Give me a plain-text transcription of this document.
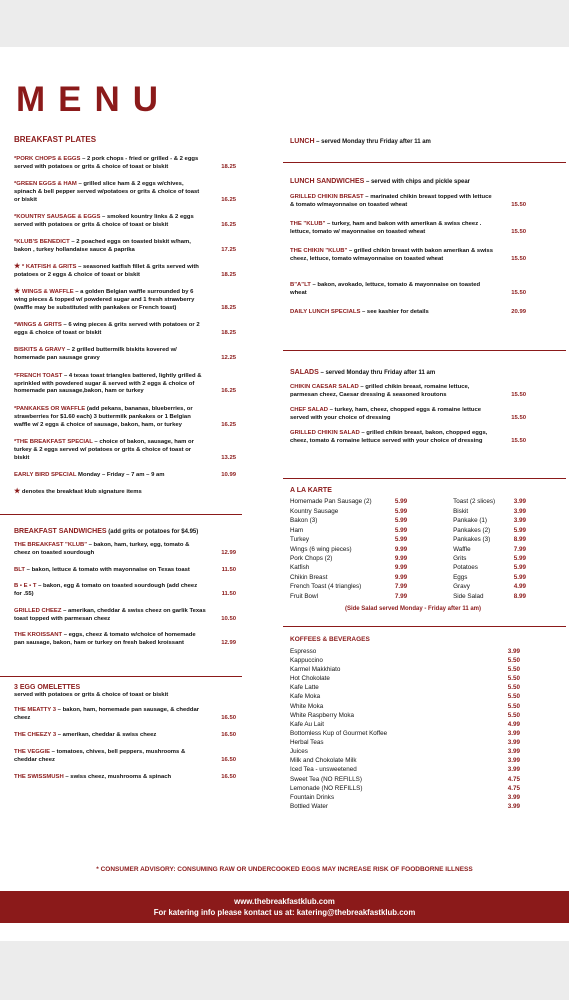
MENU
BREAKFAST PLATES
*PORK CHOPS & EGGS – 2 pork chops - fried or grilled - & 2 eggs served with potatoes or grits & choice of toast or biskit	18.25
*GREEN EGGS & HAM – grilled slice ham & 2 eggs w/chives, spinach & bell pepper served w/potatoes or grits & choice of toast or biskit	16.25
*KOUNTRY SAUSAGE & EGGS – smoked kountry links & 2 eggs served with potatoes or grits & choice of toast or biskit	16.25
*KLUB'S BENEDICT – 2 poached eggs on toasted biskit w/ham, bakon , turkey hollandaise sauce & paprika	17.25
★ * KATFISH & GRITS – seasoned katfish fillet & grits served with potatoes or 2 eggs & choice of toast or biskit	18.25
★ WINGS & WAFFLE – a golden Belgian waffle surrounded by 6 wing pieces & topped w/ powdered sugar and 1 fresh strawberry (waffle may be substituted with pankakes or French toast)	18.25
*WINGS & GRITS – 6 wing pieces & grits served with potatoes or 2 eggs & choice of toast or biskit	18.25
BISKITS & GRAVY – 2 grilled buttermilk biskits kovered w/ homemade pan sausage gravy	12.25
*FRENCH TOAST – 4 texas toast triangles battered, lightly grilled & sprinkled with powdered sugar & served with 2 eggs & choice of homemade pan sausage,bakon, ham or turkey	16.25
*PANKAKES OR WAFFLE (add pekans, bananas, blueberries, or strawberries for $1.60 each) 3 buttermilk pankakes or 1 Belgian waffle w/ 2 eggs & choice of sausage, bakon, ham, or turkey	16.25
*THE BREAKFAST SPECIAL – choice of bakon, sausage, ham or turkey & 2 eggs served w/ potatoes or grits & choice of toast or biskit	13.25
EARLY BIRD SPECIAL Monday – Friday – 7 am – 9 am	10.99
★ denotes the breakfast klub signature items
BREAKFAST SANDWICHES (add grits or potatoes for $4.95)
THE BREAKFAST "KLUB" – bakon, ham, turkey, egg, tomato & cheez on toasted sourdough	12.99
BLT – bakon, lettuce & tomato with mayonnaise on Texas toast	11.50
B • E • T – bakon, egg & tomato on toasted sourdough (add cheez for .55)	11.50
GRILLED CHEEZ – amerikan, cheddar & swiss cheez on garlik Texas toast topped with parmesan cheez	10.50
THE KROISSANT – eggs, cheez & tomato w/choice of homemade pan sausage, bakon, ham or turkey on fresh baked kroissant	12.99
3 EGG OMELETTES
served with potatoes or grits & choice of toast or biskit
THE MEATTY 3 – bakon, ham, homemade pan sausage, & cheddar cheez	16.50
THE CHEEZY 3 – amerikan, cheddar & swiss cheez	16.50
THE VEGGIE – tomatoes, chives, bell peppers, mushrooms & cheddar cheez	16.50
THE SWISSMUSH – swiss cheez, mushrooms & spinach	16.50
LUNCH – served Monday thru Friday after 11 am
LUNCH SANDWICHES – served with chips and pickle spear
GRILLED CHIKIN BREAST – marinated chikin breast topped with lettuce & tomato w/mayonnaise on toasted wheat	15.50
THE "KLUB" – turkey, ham and bakon with amerikan & swiss cheez . lettuce, tomato w/ mayonnaise on toasted wheat	15.50
THE CHIKIN "KLUB" – grilled chikin breast with bakon amerikan & swiss cheez, lettuce, tomato w/mayonnaise on toasted wheat	15.50
B"A"LT – bakon, avokado, lettuce, tomato & mayonnaise on toasted wheat	15.50
DAILY LUNCH SPECIALS – see kashier for details	20.99
SALADS – served Monday thru Friday after 11 am
CHIKIN CAESAR SALAD – grilled chikin breast, romaine lettuce, parmesan cheez, Caesar dressing & seasoned kroutons	15.50
CHEF SALAD – turkey, ham, cheez, chopped eggs & romaine lettuce served with your choice of dressing	15.50
GRILLED CHIKIN SALAD – grilled chikin breast, bakon, chopped eggs, cheez, tomato & romaine lettuce served with your choice of dressing	15.50
A LA KARTE
Homemade Pan Sausage (2)	5.99
Kountry Sausage	5.99
Bakon (3)	5.99
Ham	5.99
Turkey	5.99
Wings (6 wing pieces)	9.99
Pork Chops (2)	9.99
Katfish	9.99
Chikin Breast	9.99
French Toast (4 triangles)	7.99
Fruit Bowl	7.99
Toast (2 slices)	3.99
Biskit	3.99
Pankake (1)	3.99
Pankakes (2)	5.99
Pankakes (3)	8.99
Waffle	7.99
Grits	5.99
Potatoes	5.99
Eggs	5.99
Gravy	4.99
Side Salad	8.99
(Side Salad served Monday - Friday after 11 am)
KOFFEES & BEVERAGES
Espresso	3.99
Kappuccino	5.50
Karmel Makkhiato	5.50
Hot Chokolate	5.50
Kafe Latte	5.50
Kafe Moka	5.50
White Moka	5.50
White Raspberry Moka	5.50
Kafe Au Lait	4.99
Bottomless Kup of Gourmet Koffee	3.99
Herbal Teas	3.99
Juices	3.99
Milk and Chokolate Milk	3.99
Iced Tea - unsweetened	3.99
Sweet Tea (NO REFILLS)	4.75
Lemonade (NO REFILLS)	4.75
Fountain Drinks	3.99
Bottled Water	3.99
* CONSUMER ADVISORY: CONSUMING RAW OR UNDERCOOKED EGGS MAY INCREASE RISK OF FOODBORNE ILLNESS
www.thebreakfastklub.com
For katering info please kontact us at: katering@thebreakfastklub.com
